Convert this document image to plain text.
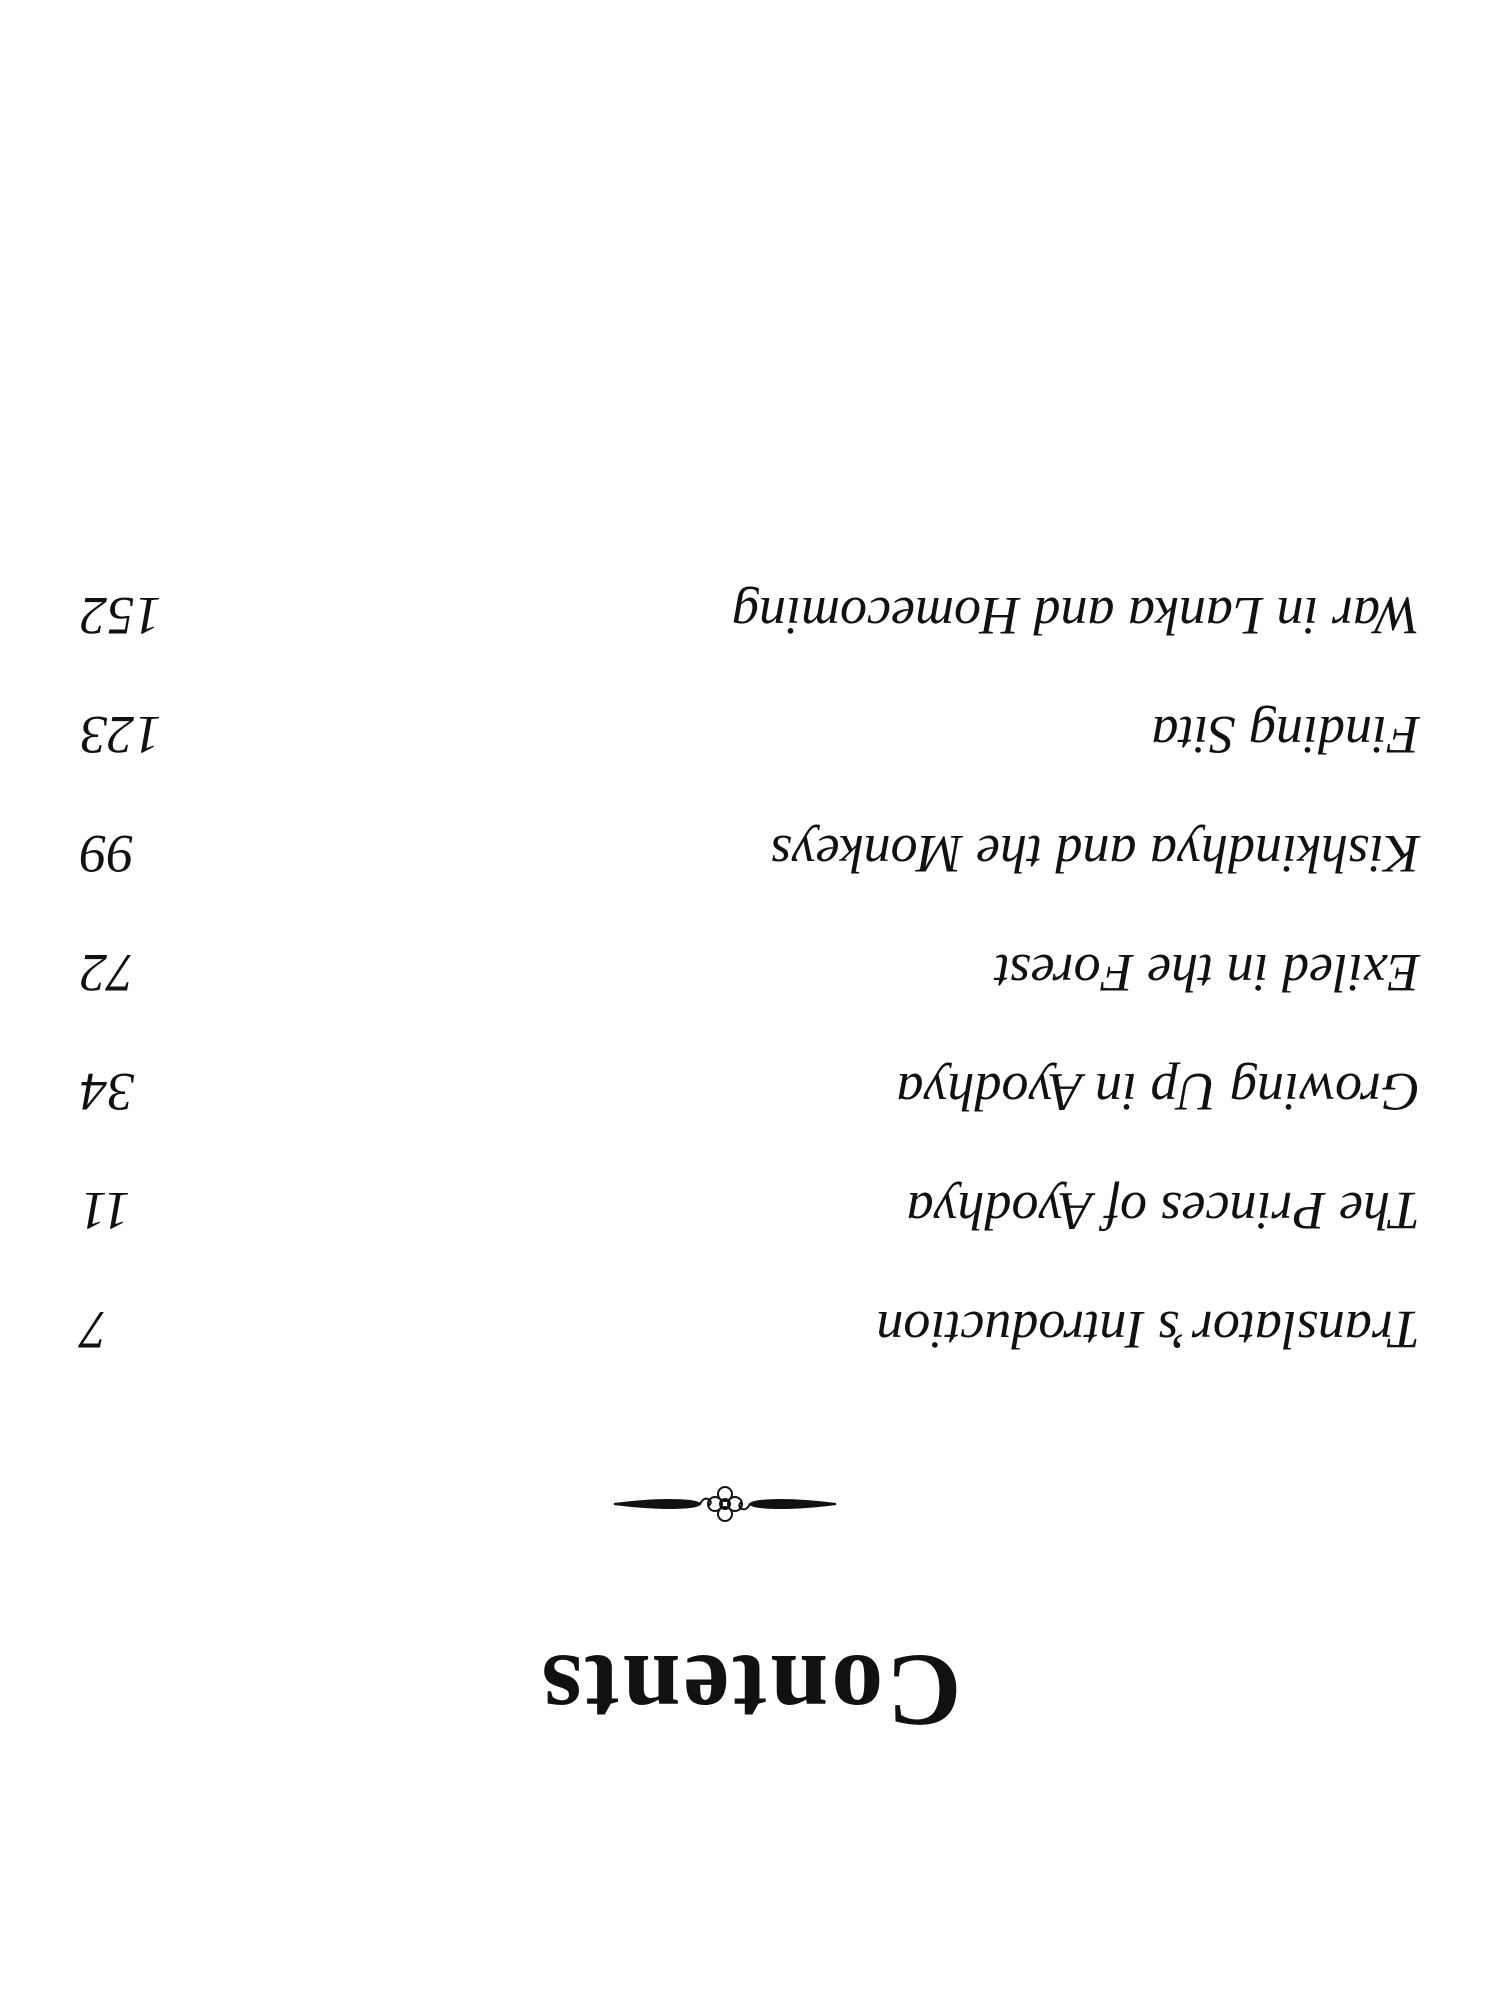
Contents
Translator’s Introduction
7
The Princes of Ayodhya
11
Growing Up in Ayodhya
34
Exiled in the Forest
72
Kishkindhya and the Monkeys
99
Finding Sita
123
War in Lanka and Homecoming
152
